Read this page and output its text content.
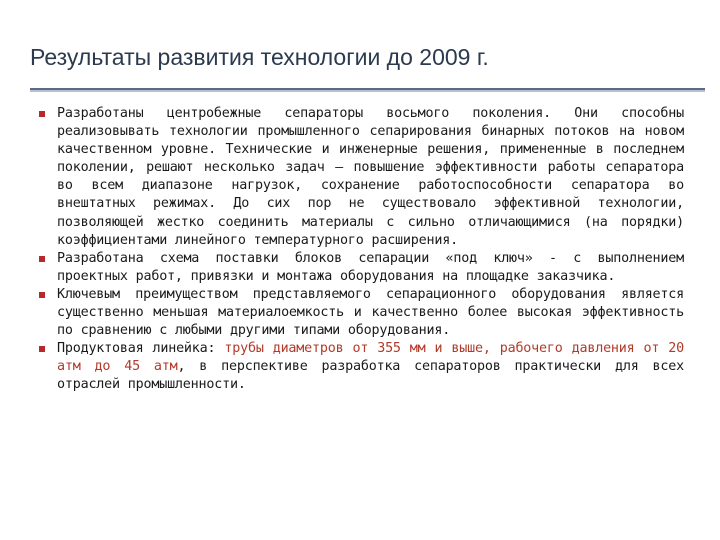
Результаты развития технологии до 2009 г.
Разработаны центробежные сепараторы восьмого поколения. Они способны реализовывать технологии промышленного сепарирования бинарных потоков на новом качественном уровне. Технические и инженерные решения, примененные в последнем поколении, решают несколько задач – повышение эффективности работы сепаратора во всем диапазоне нагрузок, сохранение работоспособности сепаратора во внештатных режимах. До сих пор не существовало эффективной технологии, позволяющей жестко соединить материалы с сильно отличающимися (на порядки) коэффициентами линейного температурного расширения.
Разработана схема поставки блоков сепарации «под ключ» - с выполнением проектных работ, привязки и монтажа оборудования на площадке заказчика.
Ключевым преимуществом представляемого сепарационного оборудования является существенно меньшая материалоемкость и качественно более высокая эффективность по сравнению с любыми другими типами оборудования.
Продуктовая линейка: трубы диаметров от 355 мм и выше, рабочего давления от 20 атм до 45 атм, в перспективе разработка сепараторов практически для всех отраслей промышленности.
